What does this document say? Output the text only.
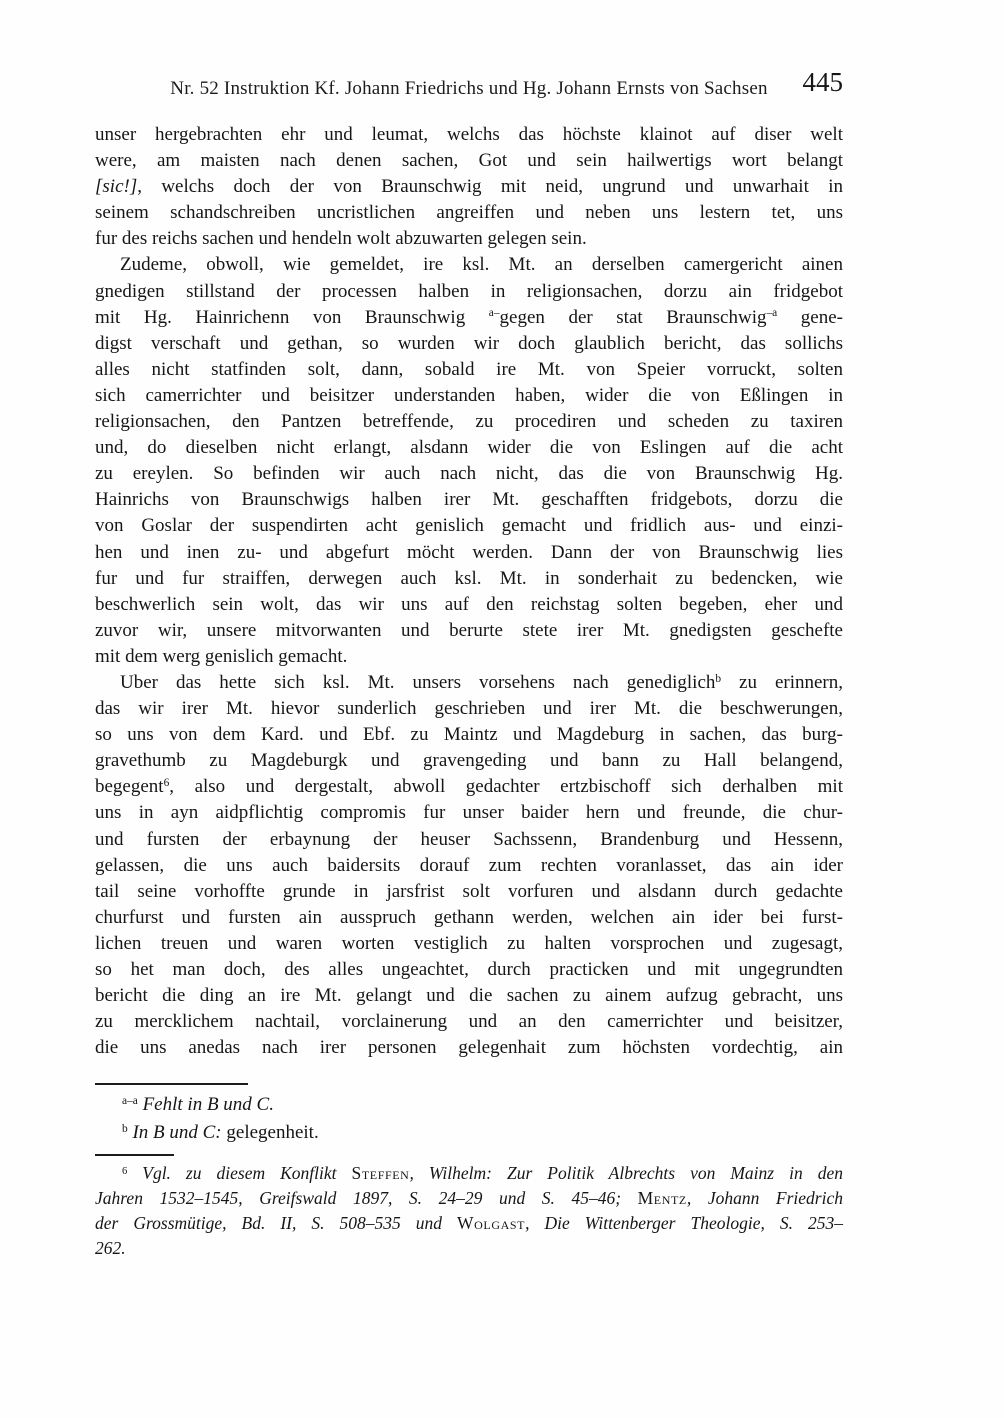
Nr. 52 Instruktion Kf. Johann Friedrichs und Hg. Johann Ernsts von Sachsen	445
unser hergebrachten ehr und leumat, welchs das höchste klainot auf diser welt
were, am maisten nach denen sachen, Got und sein hailwertigs wort belangt
[sic!], welchs doch der von Braunschwig mit neid, ungrund und unwarhait in
seinem schandschreiben uncristlichen angreiffen und neben uns lestern tet, uns
fur des reichs sachen und hendeln wolt abzuwarten gelegen sein.
Zudeme, obwoll, wie gemeldet, ire ksl. Mt. an derselben camergericht ainen
gnedigen stillstand der processen halben in religionsachen, dorzu ain fridgebot
mit Hg. Hainrichenn von Braunschwig $^{a-}$gegen der stat Braunschwig$^{-a}$ gene-
digst verschaft und gethan, so wurden wir doch glaublich bericht, das sollichs
alles nicht statfinden solt, dann, sobald ire Mt. von Speier vorruckt, solten
sich camerrichter und beisitzer understanden haben, wider die von Eßlingen in
religionsachen, den Pantzen betreffende, zu procediren und scheden zu taxiren
und, do dieselben nicht erlangt, alsdann wider die von Eslingen auf die acht
zu ereylen. So befinden wir auch nach nicht, das die von Braunschwig Hg.
Hainrichs von Braunschwigs halben irer Mt. geschafften fridgebots, dorzu die
von Goslar der suspendirten acht genislich gemacht und fridlich aus- und einzi-
hen und inen zu- und abgefurt möcht werden. Dann der von Braunschwig lies
fur und fur straiffen, derwegen auch ksl. Mt. in sonderhait zu bedencken, wie
beschwerlich sein wolt, das wir uns auf den reichstag solten begeben, eher und
zuvor wir, unsere mitvorwanten und berurte stete irer Mt. gnedigsten geschefte
mit dem werg genislich gemacht.
Uber das hette sich ksl. Mt. unsers vorsehens nach genediglich$^b$ zu erinnern,
das wir irer Mt. hievor sunderlich geschrieben und irer Mt. die beschwerungen,
so uns von dem Kard. und Ebf. zu Maintz und Magdeburg in sachen, das burg-
gravethumb zu Magdeburgk und gravengeding und bann zu Hall belangend,
begegent$^6$, also und dergestalt, abwoll gedachter ertzbischoff sich derhalben mit
uns in ayn aidpflichtig compromis fur unser baider hern und freunde, die chur-
und fursten der erbaynung der heuser Sachssenn, Brandenburg und Hessenn,
gelassen, die uns auch baidersits dorauf zum rechten voranlasset, das ain ider
tail seine vorhoffte grunde in jarsfrist solt vorfuren und alsdann durch gedachte
churfurst und fursten ain ausspruch gethann werden, welchen ain ider bei furst-
lichen treuen und waren worten vestiglich zu halten vorsprochen und zugesagt,
so het man doch, des alles ungeachtet, durch practicken und mit ungegrundten
bericht die ding an ire Mt. gelangt und die sachen zu ainem aufzug gebracht, uns
zu mercklichem nachtail, vorclainerung und an den camerrichter und beisitzer,
die uns anedas nach irer personen gelegenhait zum höchsten vordechtig, ain
$^{a-a}$ Fehlt in B und C.
$^b$ In B und C: gelegenheit.
$^6$ Vgl. zu diesem Konflikt Steffen, Wilhelm: Zur Politik Albrechts von Mainz in den
Jahren 1532–1545, Greifswald 1897, S. 24–29 und S. 45–46; Mentz, Johann Friedrich
der Grossmütige, Bd. II, S. 508–535 und Wolgast, Die Wittenberger Theologie, S. 253–
262.
